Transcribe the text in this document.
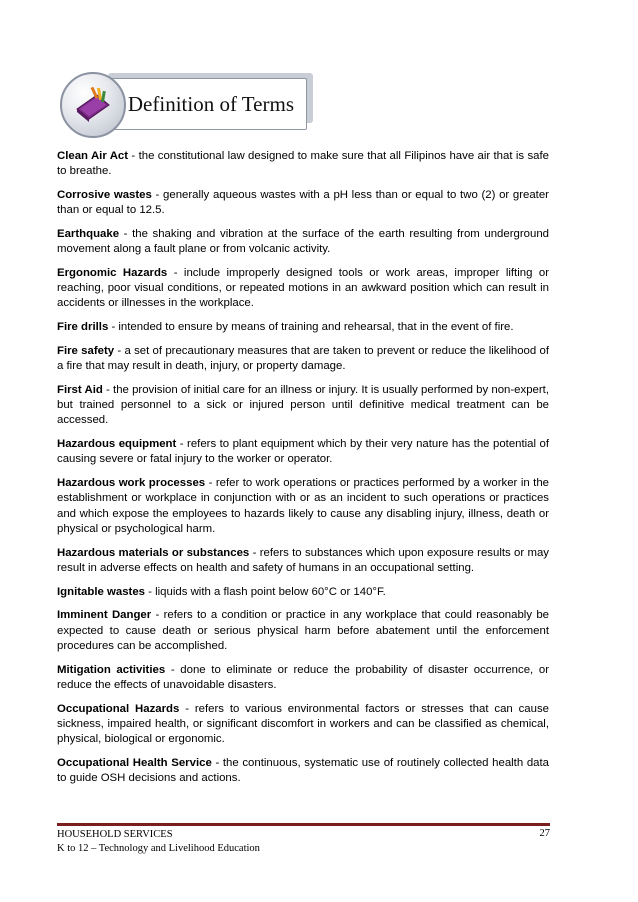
Definition of Terms

Clean Air Act - the constitutional law designed to make sure that all Filipinos have air that is safe to breathe.

Corrosive wastes - generally aqueous wastes with a pH less than or equal to two (2) or greater than or equal to 12.5.

Earthquake - the shaking and vibration at the surface of the earth resulting from underground movement along a fault plane or from volcanic activity.

Ergonomic Hazards - include improperly designed tools or work areas, improper lifting or reaching, poor visual conditions, or repeated motions in an awkward position which can result in accidents or illnesses in the workplace.

Fire drills - intended to ensure by means of training and rehearsal, that in the event of fire.

Fire safety - a set of precautionary measures that are taken to prevent or reduce the likelihood of a fire that may result in death, injury, or property damage.

First Aid - the provision of initial care for an illness or injury. It is usually performed by non-expert, but trained personnel to a sick or injured person until definitive medical treatment can be accessed.

Hazardous equipment - refers to plant equipment which by their very nature has the potential of causing severe or fatal injury to the worker or operator.

Hazardous work processes - refer to work operations or practices performed by a worker in the establishment or workplace in conjunction with or as an incident to such operations or practices and which expose the employees to hazards likely to cause any disabling injury, illness, death or physical or psychological harm.

Hazardous materials or substances - refers to substances which upon exposure results or may result in adverse effects on health and safety of humans in an occupational setting.

Ignitable wastes - liquids with a flash point below 60°C or 140°F.

Imminent Danger - refers to a condition or practice in any workplace that could reasonably be expected to cause death or serious physical harm before abatement until the enforcement procedures can be accomplished.

Mitigation activities - done to eliminate or reduce the probability of disaster occurrence, or reduce the effects of unavoidable disasters.

Occupational Hazards - refers to various environmental factors or stresses that can cause sickness, impaired health, or significant discomfort in workers and can be classified as chemical, physical, biological or ergonomic.

Occupational Health Service - the continuous, systematic use of routinely collected health data to guide OSH decisions and actions.

HOUSEHOLD SERVICES
K to 12 – Technology and Livelihood Education
27
